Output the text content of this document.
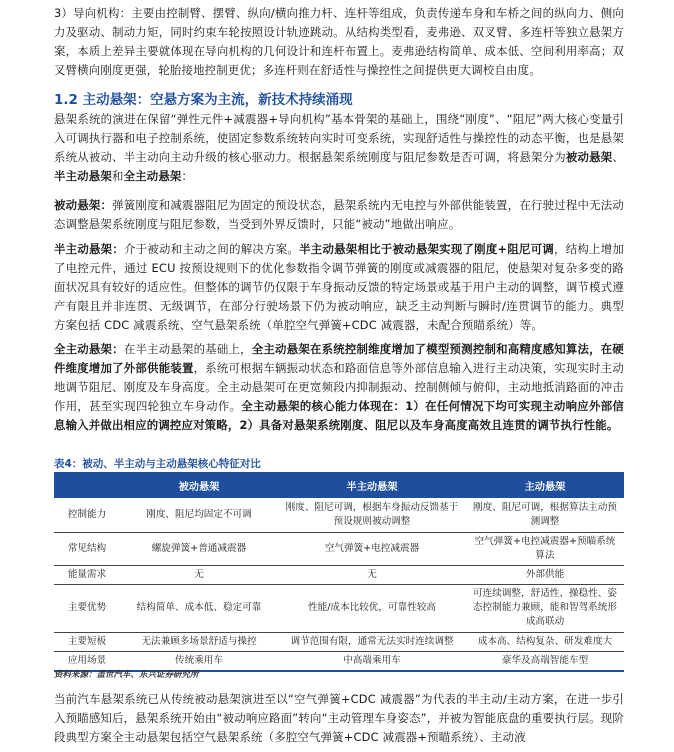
3）导向机构：主要由控制臂、摆臂、纵向/横向推力杆、连杆等组成，负责传递车身和车桥之间的纵向力、侧向力及驱动、制动力矩，同时约束车轮按照设计轨迹跳动。从结构类型看，麦弗逊、双叉臂、多连杆等独立悬架方案，本质上差异主要就体现在导向机构的几何设计和连杆布置上。麦弗逊结构简单、成本低、空间利用率高；双叉臂横向刚度更强，轮胎接地控制更优；多连杆则在舒适性与操控性之间提供更大调校自由度。
1.2 主动悬架：空悬方案为主流，新技术持续涌现
悬架系统的演进在保留“弹性元件+减震器+导向机构”基本骨架的基础上，围绕“刚度”、“阻尼”两大核心变量引入可调执行器和电子控制系统，使固定参数系统转向实时可变系统，实现舒适性与操控性的动态平衡，也是悬架系统从被动、半主动向主动升级的核心驱动力。根据悬架系统刚度与阻尼参数是否可调，将悬架分为被动悬架、半主动悬架和全主动悬架：
被动悬架：弹簧刚度和减震器阻尼为固定的预设状态，悬架系统内无电控与外部供能装置，在行驶过程中无法动态调整悬架系统刚度与阻尼参数，当受到外界反馈时，只能“被动”地做出响应。
半主动悬架：介于被动和主动之间的解决方案。半主动悬架相比于被动悬架实现了刚度+阻尼可调，结构上增加了电控元件，通过 ECU 按预设规则下的优化参数指令调节弹簧的刚度或减震器的阻尼，使悬架对复杂多变的路面状况具有较好的适应性。但整体的调节仍仅限于车身振动反馈的特定场景或基于用户主动的调整，调节模式遵产有限且并非连贯、无级调节，在部分行驶场景下仍为被动响应，缺乏主动判断与瞬时/连贯调节的能力。典型方案包括 CDC 减震系统、空气悬架系统（单腔空气弹簧+CDC 减震器，未配合预瞄系统）等。
全主动悬架：在半主动悬架的基础上，全主动悬架在系统控制维度增加了模型预测控制和高精度感知算法，在硬件维度增加了外部供能装置，系统可根据车辆振动状态和路面信息等外部信息输入进行主动决策，实现实时主动地调节阻尼、刚度及车身高度。全主动悬架可在更宽频段内抑制振动、控制侧倾与俯仰，主动地抵消路面的冲击作用，甚至实现四轮独立车身动作。全主动悬架的核心能力体现在：1）在任何情况下均可实现主动响应外部信息输入并做出相应的调控应对策略，2）具备对悬架系统刚度、阻尼以及车身高度高效且连贯的调节执行性能。
表4：被动、半主动与主动悬架核心特征对比
	被动悬架	半主动悬架	主动悬架
控制能力	刚度、阻尼均固定不可调	刚度、阻尼可调，根据车身振动反馈基于预设规则被动调整	刚度、阻尼可调，根据算法主动预测调整
常见结构	螺旋弹簧+普通减震器	空气弹簧+电控减震器	空气弹簧+电控减震器+预瞄系统算法
能量需求	无	无	外部供能
主要优势	结构简单、成本低、稳定可靠	性能/成本比较优，可靠性较高	可连续调整，舒适性、操稳性、姿态控制能力兼顾，能和智驾系统形成高联动
主要短板	无法兼顾多场景舒适与操控	调节范围有限，通常无法实时连续调整	成本高、结构复杂、研发难度大
应用场景	传统乘用车	中高端乘用车	豪华及高端智能车型
资料来源：盖世汽车、东兴证券研究所
当前汽车悬架系统已从传统被动悬架演进至以“空气弹簧+CDC 减震器”为代表的半主动/主动方案，在进一步引入预瞄感知后，悬架系统开始由“被动响应路面”转向“主动管理车身姿态”，并被为智能底盘的重要执行层。现阶段典型方案全主动悬架包括空气悬架系统（多腔空气弹簧+CDC 减震器+预瞄系统）、主动液
